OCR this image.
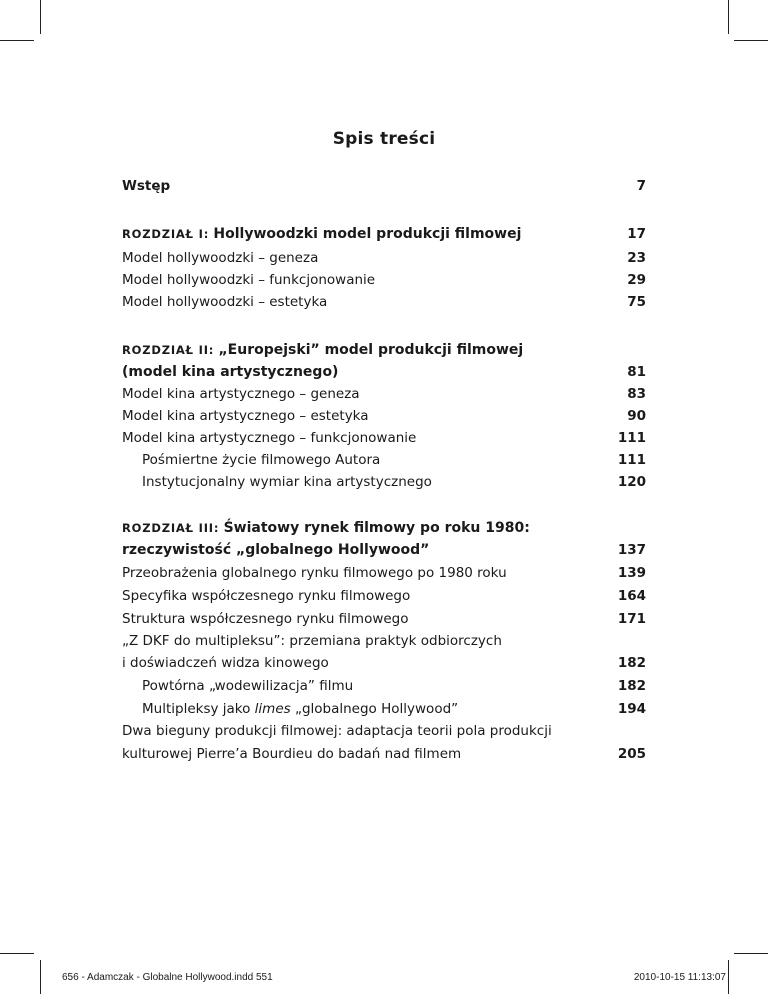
Spis treści
Wstęp	7
ROZDZIAŁ I: Hollywoodzki model produkcji filmowej	17
Model hollywoodzki – geneza	23
Model hollywoodzki – funkcjonowanie	29
Model hollywoodzki – estetyka	75
ROZDZIAŁ II: „Europejski” model produkcji filmowej
(model kina artystycznego)	81
Model kina artystycznego – geneza	83
Model kina artystycznego – estetyka	90
Model kina artystycznego – funkcjonowanie	111
Pośmiertne życie filmowego Autora	111
Instytucjonalny wymiar kina artystycznego	120
ROZDZIAŁ III: Światowy rynek filmowy po roku 1980:
rzeczywistość „globalnego Hollywood”	137
Przeobrażenia globalnego rynku filmowego po 1980 roku	139
Specyfika współczesnego rynku filmowego	164
Struktura współczesnego rynku filmowego	171
„Z DKF do multipleksu”: przemiana praktyk odbiorczych
i doświadczeń widza kinowego	182
Powtórna „wodewilizacja” filmu	182
Multipleksy jako limes „globalnego Hollywood”	194
Dwa bieguny produkcji filmowej: adaptacja teorii pola produkcji
kulturowej Pierre’a Bourdieu do badań nad filmem	205
656 - Adamczak - Globalne Hollywood.indd 551	2010-10-15 11:13:07
